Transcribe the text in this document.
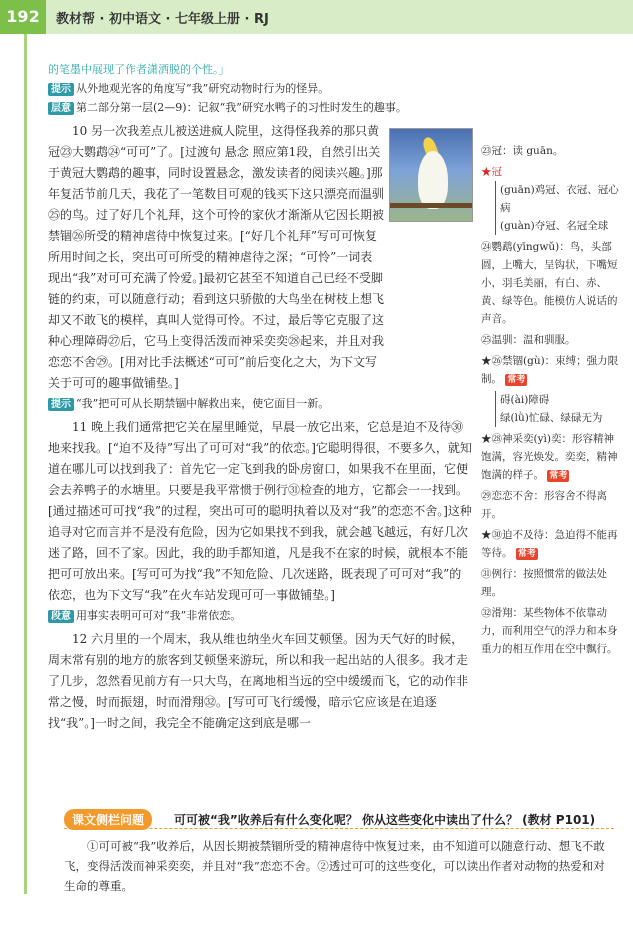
192	教材帮 · 初中语文 · 七年级上册 · RJ

的笔墨中展现了作者潇洒脱的个性。」

提示 从外地观光客的角度写“我”研究动物时行为的怪异。

层意 第二部分第一层(2—9)：记叙“我”研究水鸭子的习性时发生的趣事。

10 另一次我差点儿被送进疯人院里，这得怪我养的那只黄冠㉓大鹦鹉㉔“可可”了。[过渡句 悬念 照应第1段，自然引出关于黄冠大鹦鹉的趣事，同时设置悬念，激发读者的阅读兴趣。]那年复活节前几天，我花了一笔数目可观的钱买下这只漂亮而温驯㉕的鸟。过了好几个礼拜，这个可怜的家伙才渐渐从它因长期被禁锢㉖所受的精神虐待中恢复过来。[“好几个礼拜”写可可恢复所用时间之长，突出可可所受的精神虐待之深；“可怜”一词表现出“我”对可可充满了怜爱。]最初它甚至不知道自己已经不受脚链的约束，可以随意行动；看到这只骄傲的大鸟坐在树枝上想飞却又不敢飞的模样，真叫人觉得可怜。不过，最后等它克服了这种心理障碍㉗后，它马上变得活泼而神采奕奕㉘起来，并且对我恋恋不舍㉙。[用对比手法概述“可可”前后变化之大，为下文写关于可可的趣事做铺垫。]

提示 “我”把可可从长期禁锢中解救出来，使它面目一新。

11 晚上我们通常把它关在屋里睡觉，早晨一放它出来，它总是迫不及待㉚地来找我。[“迫不及待”写出了可可对“我”的依恋。]它聪明得很，不要多久，就知道在哪儿可以找到我了：首先它一定飞到我的卧房窗口，如果我不在里面，它便会去养鸭子的水塘里。只要是我平常惯于例行㉛检查的地方，它都会一一找到。[通过描述可可找“我”的过程，突出可可的聪明执着以及对“我”的恋恋不舍。]这种追寻对它而言并不是没有危险，因为它如果找不到我，就会越飞越远，有好几次迷了路，回不了家。因此，我的助手都知道，凡是我不在家的时候，就根本不能把可可放出来。[写可可为找“我”不知危险、几次迷路，既表现了可可对“我”的依恋，也为下文写“我”在火车站发现可可一事做铺垫。]

段意 用事实表明可可对“我”非常依恋。

12 六月里的一个周末，我从维也纳坐火车回艾顿堡。因为天气好的时候，周末常有别的地方的旅客到艾顿堡来游玩，所以和我一起出站的人很多。我才走了几步，忽然看见前方有一只大鸟，在离地相当远的空中缓缓而飞，它的动作非常之慢，时而振翅，时而滑翔㉜。[写可可飞行缓慢，暗示它应该是在追逐找“我”。]一时之间，我完全不能确定这到底是哪一

㉓冠：读 guān。
★冠
(guān)鸡冠、衣冠、冠心病
(guàn)夺冠、名冠全球
㉔鹦鹉(yīngwǔ)：鸟，头部圆，上嘴大，呈钩状，下嘴短小，羽毛美丽，有白、赤、黄、绿等色。能模仿人说话的声音。
㉕温驯：温和驯服。
★㉖禁锢(gù)：束缚；强力限制。 常考
碍(ài)障碍
绿(lǜ)忙碌、绿碌无为
★㉘神采奕(yì)奕：形容精神饱满，容光焕发。奕奕，精神饱满的样子。 常考
㉙恋恋不舍：形容舍不得离开。
★㉚迫不及待：急迫得不能再等待。 常考
㉛例行：按照惯常的做法处理。
㉜滑翔：某些物体不依靠动力，而利用空气的浮力和本身重力的相互作用在空中飘行。
课文侧栏问题	可可被“我”收养后有什么变化呢？ 你从这些变化中读出了什么？ (教材 P101)
①可可被“我”收养后，从因长期被禁锢所受的精神虐待中恢复过来，由不知道可以随意行动、想飞不敢飞，变得活泼而神采奕奕，并且对“我”恋恋不舍。②透过可可的这些变化，可以读出作者对动物的热爱和对生命的尊重。
